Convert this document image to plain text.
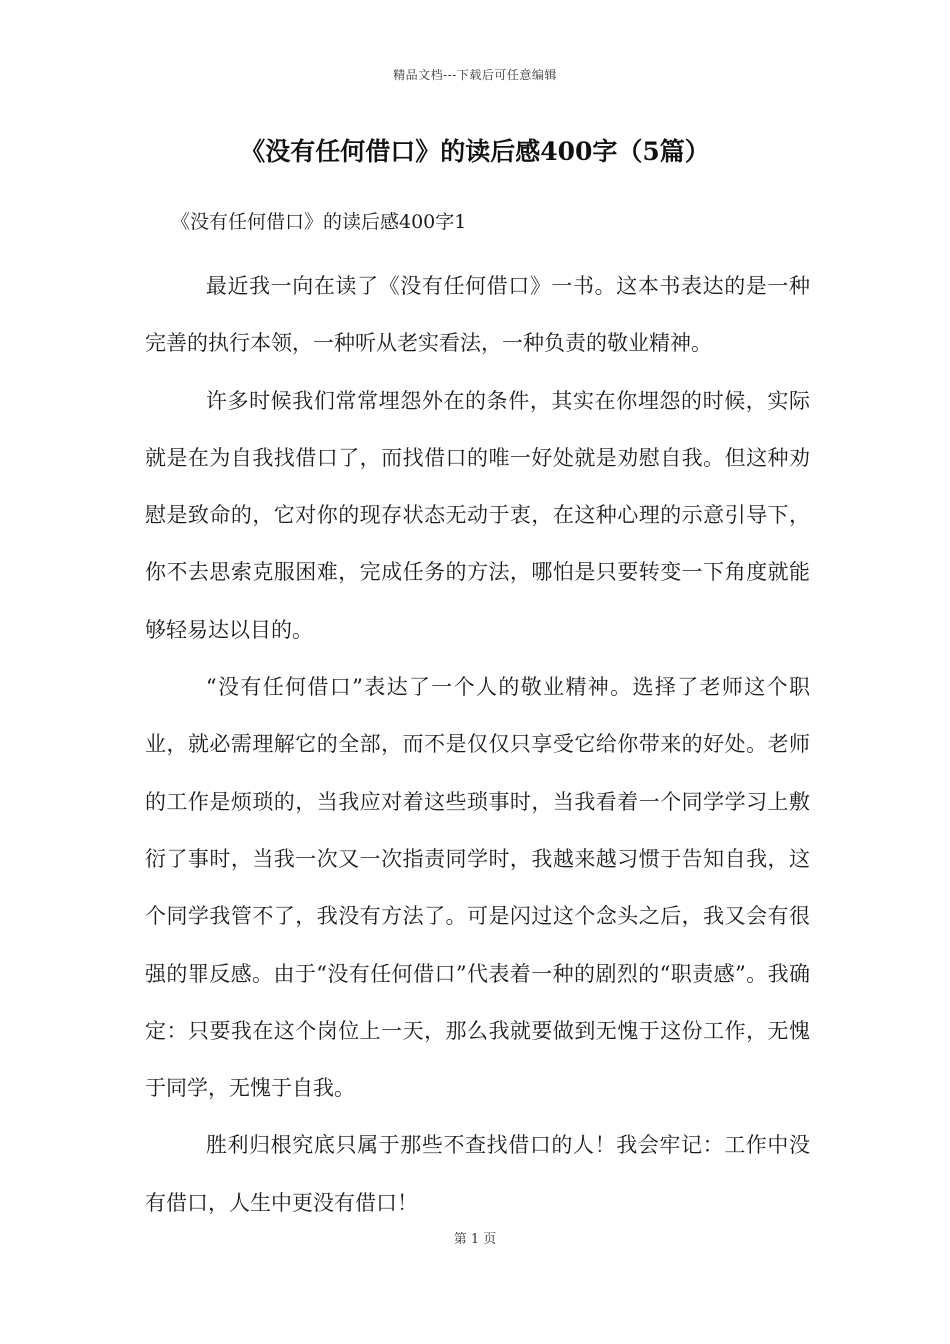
精品文档---下载后可任意编辑
《没有任何借口》的读后感400字（5篇）
《没有任何借口》的读后感400字1

最近我一向在读了《没有任何借口》一书。这本书表达的是一种完善的执行本领，一种听从老实看法，一种负责的敬业精神。

许多时候我们常常埋怨外在的条件，其实在你埋怨的时候，实际就是在为自我找借口了，而找借口的唯一好处就是劝慰自我。但这种劝慰是致命的，它对你的现存状态无动于衷，在这种心理的示意引导下，你不去思索克服困难，完成任务的方法，哪怕是只要转变一下角度就能够轻易达以目的。

“没有任何借口”表达了一个人的敬业精神。选择了老师这个职业，就必需理解它的全部，而不是仅仅只享受它给你带来的好处。老师的工作是烦琐的，当我应对着这些琐事时，当我看着一个同学学习上敷衍了事时，当我一次又一次指责同学时，我越来越习惯于告知自我，这个同学我管不了，我没有方法了。可是闪过这个念头之后，我又会有很强的罪反感。由于“没有任何借口”代表着一种的剧烈的“职责感”。我确定：只要我在这个岗位上一天，那么我就要做到无愧于这份工作，无愧于同学，无愧于自我。

胜利归根究底只属于那些不查找借口的人！我会牢记：工作中没有借口，人生中更没有借口！

第 1 页
